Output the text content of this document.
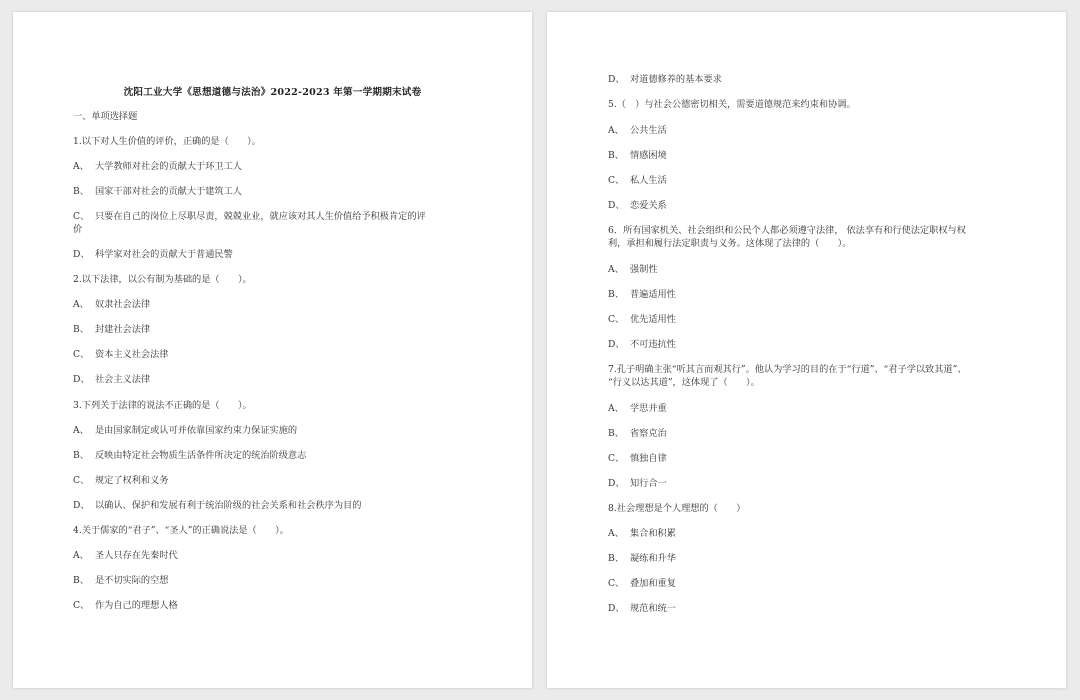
沈阳工业大学《思想道德与法治》2022-2023 年第一学期期末试卷
一、单项选择题
1.以下对人生价值的评价，正确的是（　　）。
A、 大学教师对社会的贡献大于环卫工人
B、 国家干部对社会的贡献大于建筑工人
C、 只要在自己的岗位上尽职尽责，兢兢业业，就应该对其人生价值给予积极肯定的评
价
D、 科学家对社会的贡献大于普通民警
2.以下法律，以公有制为基础的是（　　）。
A、 奴隶社会法律
B、 封建社会法律
C、 资本主义社会法律
D、 社会主义法律
3.下列关于法律的说法不正确的是（　　）。
A、 是由国家制定或认可并依靠国家约束力保证实施的
B、 反映由特定社会物质生活条件所决定的统治阶级意志
C、 规定了权利和义务
D、 以确认、保护和发展有利于统治阶级的社会关系和社会秩序为目的
4.关于儒家的“君子”、“圣人”的正确说法是（　　）。
A、 圣人只存在先秦时代
B、 是不切实际的空想
C、 作为自己的理想人格
D、 对道德修养的基本要求
5.（　）与社会公德密切相关，需要道德规范来约束和协调。
A、 公共生活
B、 情感困境
C、 私人生活
D、 恋爱关系
6．所有国家机关、社会组织和公民个人都必须遵守法律， 依法享有和行使法定职权与权
利，承担和履行法定职责与义务。这体现了法律的（　　）。
A、 强制性
B、 普遍适用性
C、 优先适用性
D、 不可违抗性
7.孔子明确主张“听其言而观其行”。他认为学习的目的在于“行道”、“君子学以致其道”、
“行义以达其道”，这体现了（　　）。
A、 学思并重
B、 省察克治
C、 慎独自律
D、 知行合一
8.社会理想是个人理想的（　　）
A、 集合和积累
B、 凝练和升华
C、 叠加和重复
D、 规范和统一
